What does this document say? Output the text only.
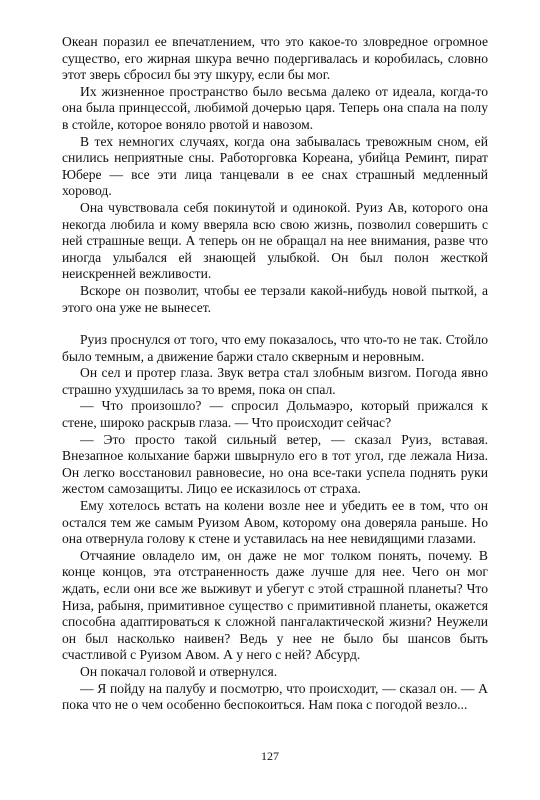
Океан поразил ее впечатлением, что это какое-то зловредное огромное существо, его жирная шкура вечно подергивалась и коробилась, словно этот зверь сбросил бы эту шкуру, если бы мог.

Их жизненное пространство было весьма далеко от идеала, когда-то она была принцессой, любимой дочерью царя. Теперь она спала на полу в стойле, которое воняло рвотой и навозом.

В тех немногих случаях, когда она забывалась тревожным сном, ей снились неприятные сны. Работорговка Кореана, убийца Реминт, пират Юбере — все эти лица танцевали в ее снах страшный медленный хоровод.

Она чувствовала себя покинутой и одинокой. Руиз Ав, которого она некогда любила и кому вверяла всю свою жизнь, позволил совершить с ней страшные вещи. А теперь он не обращал на нее внимания, разве что иногда улыбался ей знающей улыбкой. Он был полон жесткой неискренней вежливости.

Вскоре он позволит, чтобы ее терзали какой-нибудь новой пыткой, а этого она уже не вынесет.

Руиз проснулся от того, что ему показалось, что что-то не так. Стойло было темным, а движение баржи стало скверным и неровным.

Он сел и протер глаза. Звук ветра стал злобным визгом. Погода явно страшно ухудшилась за то время, пока он спал.

— Что произошло? — спросил Дольмаэро, который прижался к стене, широко раскрыв глаза. — Что происходит сейчас?

— Это просто такой сильный ветер, — сказал Руиз, вставая. Внезапное колыхание баржи швырнуло его в тот угол, где лежала Низа. Он легко восстановил равновесие, но она все-таки успела поднять руки жестом самозащиты. Лицо ее исказилось от страха.

Ему хотелось встать на колени возле нее и убедить ее в том, что он остался тем же самым Руизом Авом, которому она доверяла раньше. Но она отвернула голову к стене и уставилась на нее невидящими глазами.

Отчаяние овладело им, он даже не мог толком понять, почему. В конце концов, эта отстраненность даже лучше для нее. Чего он мог ждать, если они все же выживут и убегут с этой страшной планеты? Что Низа, рабыня, примитивное существо с примитивной планеты, окажется способна адаптироваться к сложной пангалактической жизни? Неужели он был насколько наивен? Ведь у нее не было бы шансов быть счастливой с Руизом Авом. А у него с ней? Абсурд.

Он покачал головой и отвернулся.

— Я пойду на палубу и посмотрю, что происходит, — сказал он. — А пока что не о чем особенно беспокоиться. Нам пока с погодой везло...

127
